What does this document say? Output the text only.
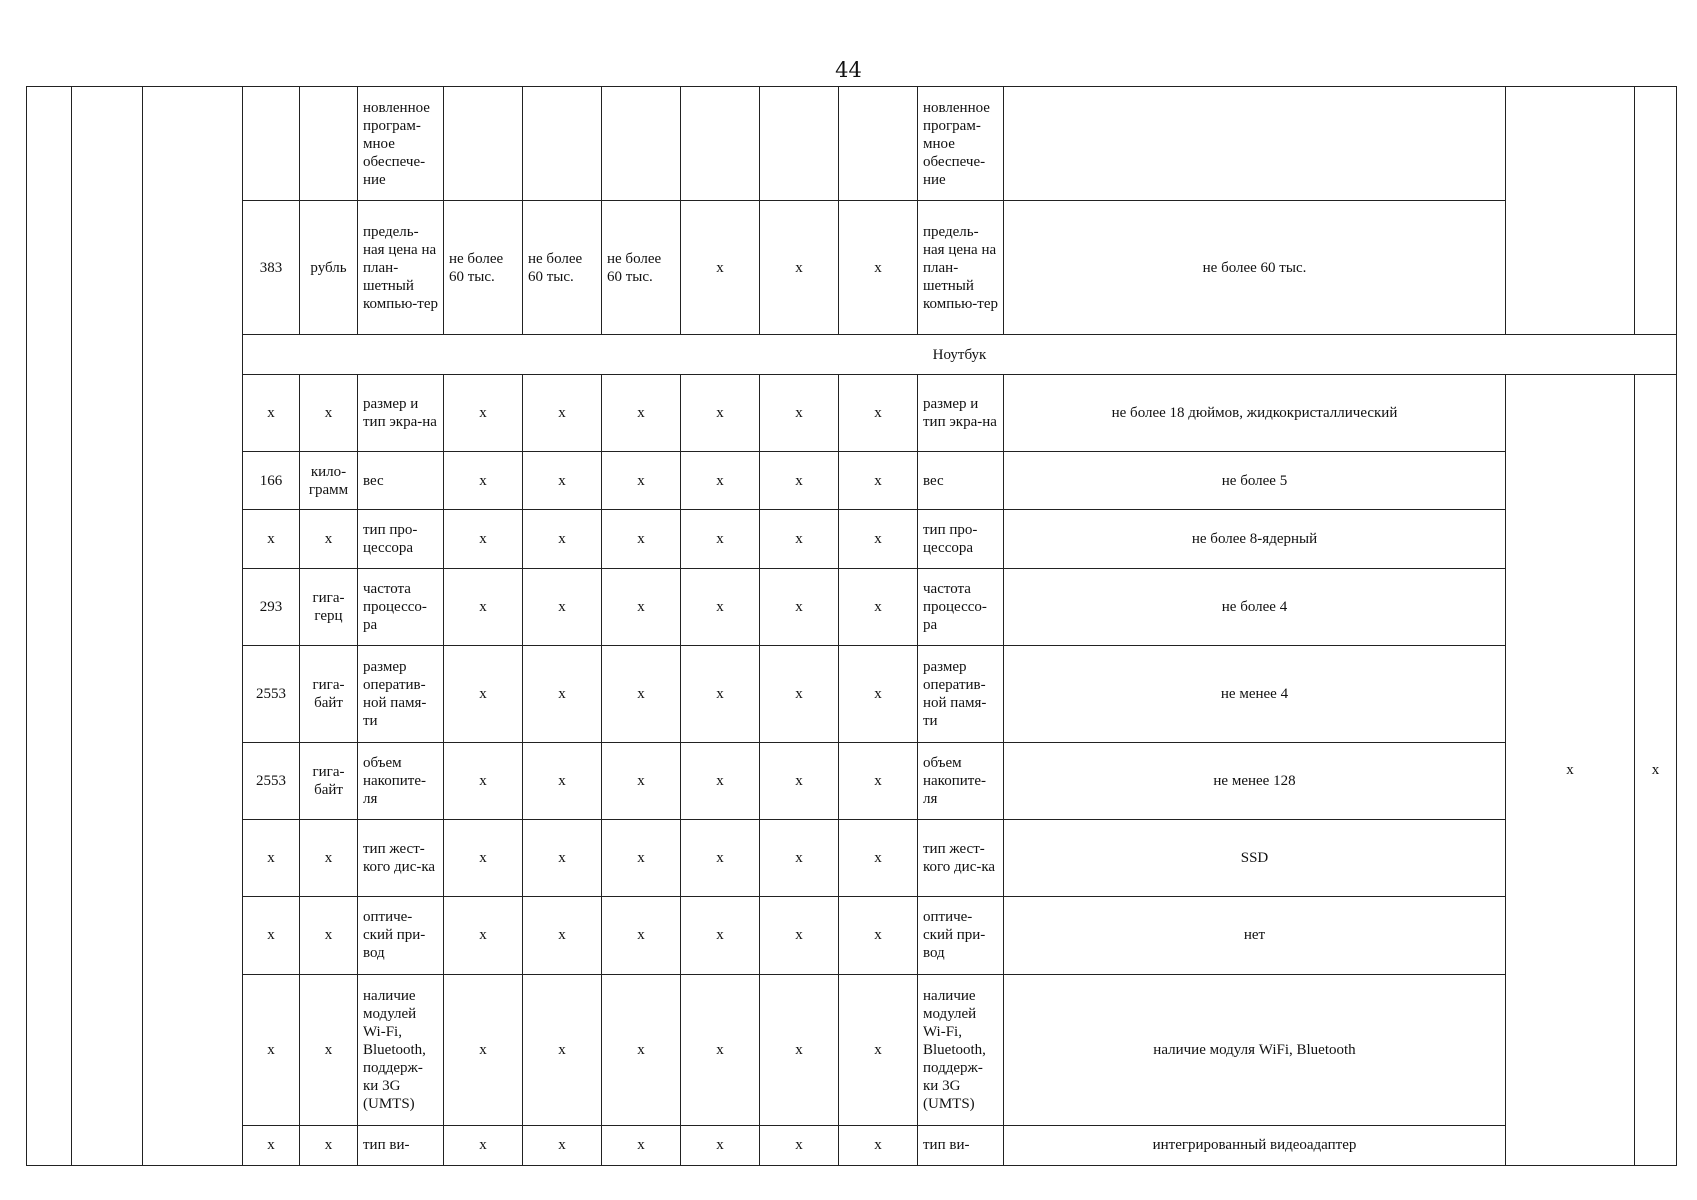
44
					новленное програм-мное обеспече-ние							новленное програм-мное обеспече-ние			
			383	рубль	предель-ная цена на план-шетный компью-тер	не более 60 тыс.	не более 60 тыс.	не более 60 тыс.	х	х	х	предель-ная цена на план-шетный компью-тер	не более 60 тыс.		
			Ноутбук												
			х	х	размер и тип экра-на	х	х	х	х	х	х	размер и тип экра-на	не более 18 дюймов, жидкокристаллический	х	х
			166	кило-грамм	вес	х	х	х	х	х	х	вес	не более 5		
			х	х	тип про-цессора	х	х	х	х	х	х	тип про-цессора	не более 8-ядерный		
			293	гига-герц	частота процессо-ра	х	х	х	х	х	х	частота процессо-ра	не более 4		
			2553	гига-байт	размер оператив-ной памя-ти	х	х	х	х	х	х	размер оператив-ной памя-ти	не менее 4		
			2553	гига-байт	объем накопите-ля	х	х	х	х	х	х	объем накопите-ля	не менее 128		
			х	х	тип жест-кого дис-ка	х	х	х	х	х	х	тип жест-кого дис-ка	SSD		
			х	х	оптиче-ский при-вод	х	х	х	х	х	х	оптиче-ский при-вод	нет		
			х	х	наличие модулей Wi-Fi, Bluetooth, поддерж-ки 3G (UMTS)	х	х	х	х	х	х	наличие модулей Wi-Fi, Bluetooth, поддерж-ки 3G (UMTS)	наличие модуля WiFi, Bluetooth		
			х	х	тип ви-	х	х	х	х	х	х	тип ви-	интегрированный видеоадаптер		
